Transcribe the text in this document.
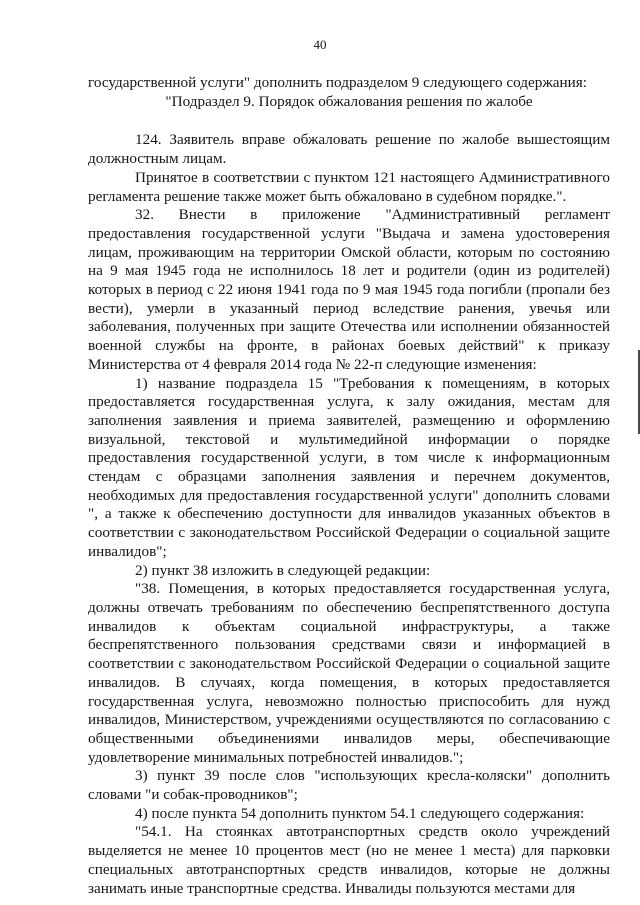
40

государственной услуги" дополнить подразделом 9 следующего содержания:

"Подраздел 9. Порядок обжалования решения по жалобе

124. Заявитель вправе обжаловать решение по жалобе вышестоящим должностным лицам.

Принятое в соответствии с пунктом 121 настоящего Административного регламента решение также может быть обжаловано в судебном порядке.".

32. Внести в приложение "Административный регламент предоставления государственной услуги "Выдача и замена удостоверения лицам, проживающим на территории Омской области, которым по состоянию на 9 мая 1945 года не исполнилось 18 лет и родители (один из родителей) которых в период с 22 июня 1941 года по 9 мая 1945 года погибли (пропали без вести), умерли в указанный период вследствие ранения, увечья или заболевания, полученных при защите Отечества или исполнении обязанностей военной службы на фронте, в районах боевых действий" к приказу Министерства от 4 февраля 2014 года № 22-п следующие изменения:

1) название подраздела 15 "Требования к помещениям, в которых предоставляется государственная услуга, к залу ожидания, местам для заполнения заявления и приема заявителей, размещению и оформлению визуальной, текстовой и мультимедийной информации о порядке предоставления государственной услуги, в том числе к информационным стендам с образцами заполнения заявления и перечнем документов, необходимых для предоставления государственной услуги" дополнить словами ", а также к обеспечению доступности для инвалидов указанных объектов в соответствии с законодательством Российской Федерации о социальной защите инвалидов";

2) пункт 38 изложить в следующей редакции:

"38. Помещения, в которых предоставляется государственная услуга, должны отвечать требованиям по обеспечению беспрепятственного доступа инвалидов к объектам социальной инфраструктуры, а также беспрепятственного пользования средствами связи и информацией в соответствии с законодательством Российской Федерации о социальной защите инвалидов. В случаях, когда помещения, в которых предоставляется государственная услуга, невозможно полностью приспособить для нужд инвалидов, Министерством, учреждениями осуществляются по согласованию с общественными объединениями инвалидов меры, обеспечивающие удовлетворение минимальных потребностей инвалидов.";

3) пункт 39 после слов "использующих кресла-коляски" дополнить словами "и собак-проводников";

4) после пункта 54 дополнить пунктом 54.1 следующего содержания:

"54.1. На стоянках автотранспортных средств около учреждений выделяется не менее 10 процентов мест (но не менее 1 места) для парковки специальных автотранспортных средств инвалидов, которые не должны занимать иные транспортные средства. Инвалиды пользуются местами для
